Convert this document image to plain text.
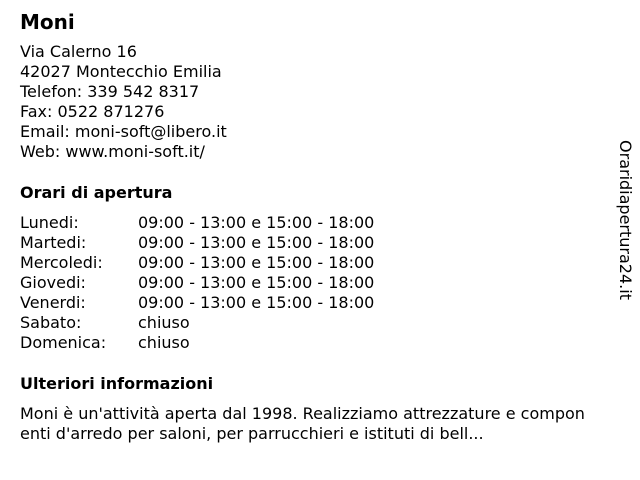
Moni
Via Calerno 16
42027 Montecchio Emilia
Telefon: 339 542 8317
Fax: 0522 871276
Email: moni-soft@libero.it
Web: www.moni-soft.it/
Orari di apertura
Lunedi:	09:00 - 13:00 e 15:00 - 18:00
Martedi:	09:00 - 13:00 e 15:00 - 18:00
Mercoledi:	09:00 - 13:00 e 15:00 - 18:00
Giovedi:	09:00 - 13:00 e 15:00 - 18:00
Venerdi:	09:00 - 13:00 e 15:00 - 18:00
Sabato:	chiuso
Domenica:	chiuso
Ulteriori informazioni
Moni è un'attività aperta dal 1998. Realizziamo attrezzature e componenti d'arredo per saloni, per parrucchieri e istituti di bell...
Oraridiapertura24.it
